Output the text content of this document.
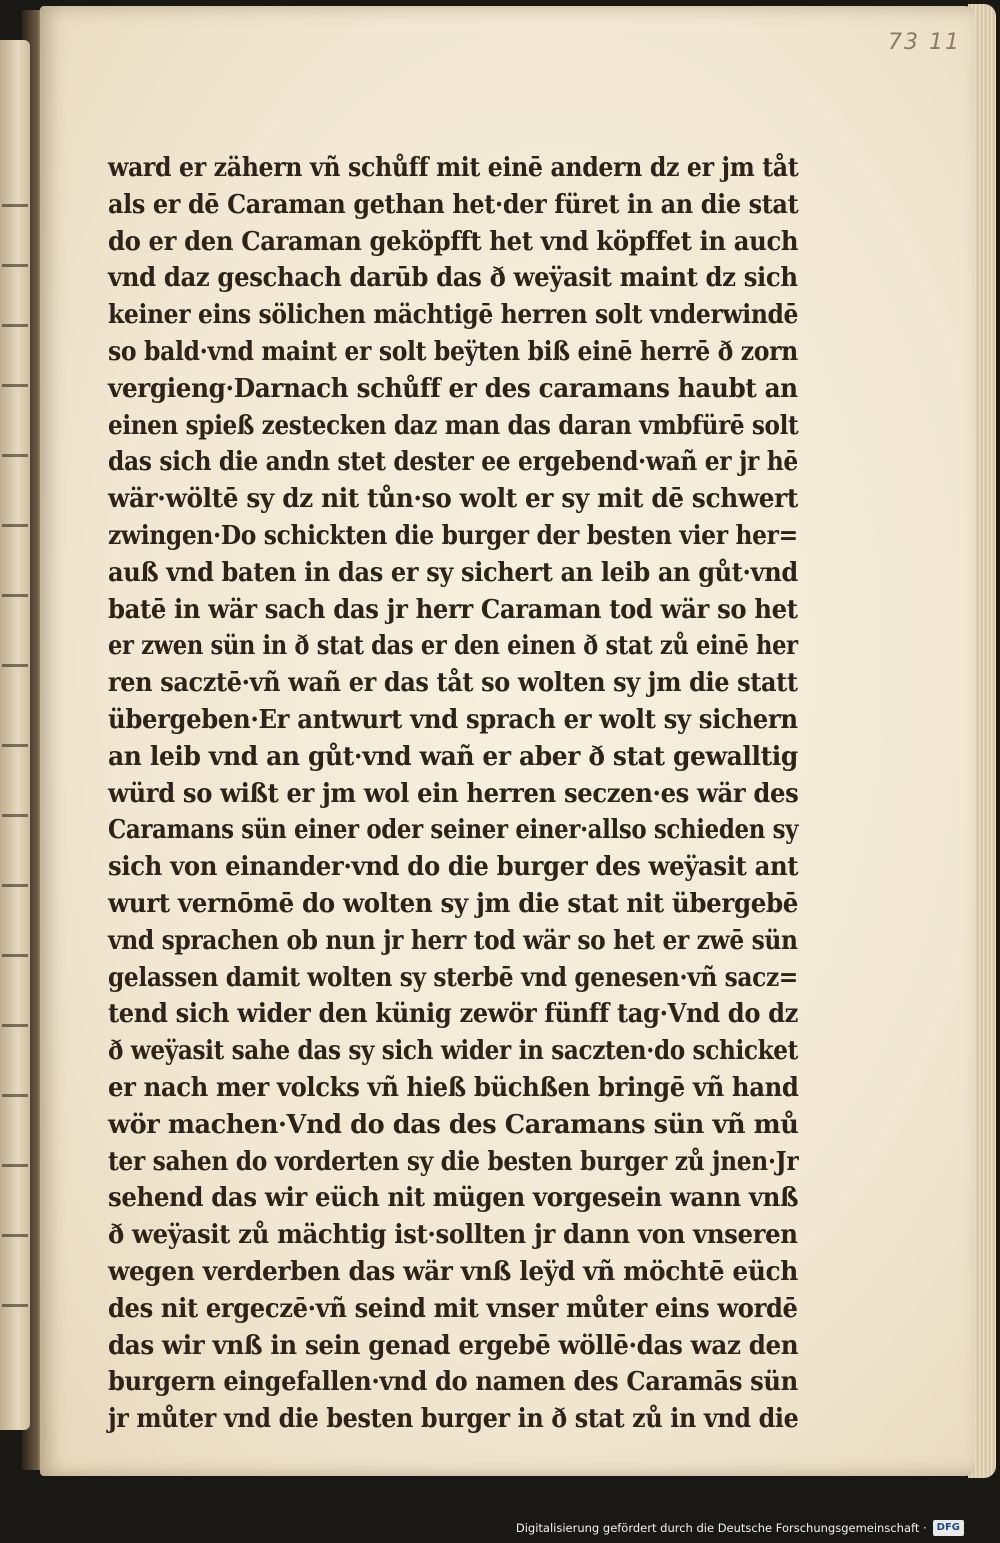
73 11
ward er zähern vñ schůff mit einē andern dz er jm tåt
als er dē Caraman gethan het·der füret in an die stat
do er den Caraman geköpfft het vnd köpffet in auch
vnd daz geschach darūb das ð weÿasit maint dz sich
keiner eins sölichen mächtigē herren solt vnderwindē
so bald·vnd maint er solt beÿten biß einē herrē ð zorn
vergieng·Darnach schůff er des caramans haubt an
einen spieß zestecken daz man das daran vmbfürē solt
das sich die andn stet dester ee ergebend·wañ er jr hē
wär·wöltē sy dz nit tůn·so wolt er sy mit dē schwert
zwingen·Do schickten die burger der besten vier her=
auß vnd baten in das er sy sichert an leib an gůt·vnd
batē in wär sach das jr herr Caraman tod wär so het
er zwen sün in ð stat das er den einen ð stat zů einē her
ren sacztē·vñ wañ er das tåt so wolten sy jm die statt
übergeben·Er antwurt vnd sprach er wolt sy sichern
an leib vnd an gůt·vnd wañ er aber ð stat gewalltig
würd so wißt er jm wol ein herren seczen·es wär des
Caramans sün einer oder seiner einer·allso schieden sy
sich von einander·vnd do die burger des weÿasit ant
wurt vernōmē do wolten sy jm die stat nit übergebē
vnd sprachen ob nun jr herr tod wär so het er zwē sün
gelassen damit wolten sy sterbē vnd genesen·vñ sacz=
tend sich wider den künig zewör fünff tag·Vnd do dz
ð weÿasit sahe das sy sich wider in saczten·do schicket
er nach mer volcks vñ hieß büchßen bringē vñ hand
wör machen·Vnd do das des Caramans sün vñ mů
ter sahen do vorderten sy die besten burger zů jnen·Jr
sehend das wir eüch nit mügen vorgesein wann vnß
ð weÿasit zů mächtig ist·sollten jr dann von vnseren
wegen verderben das wär vnß leÿd vñ möchtē eüch
des nit ergeczē·vñ seind mit vnser můter eins wordē
das wir vnß in sein genad ergebē wöllē·das waz den
burgern eingefallen·vnd do namen des Caramās sün
jr můter vnd die besten burger in ð stat zů in vnd die
Digitalisierung gefördert durch die Deutsche Forschungsgemeinschaft ·	DFG
